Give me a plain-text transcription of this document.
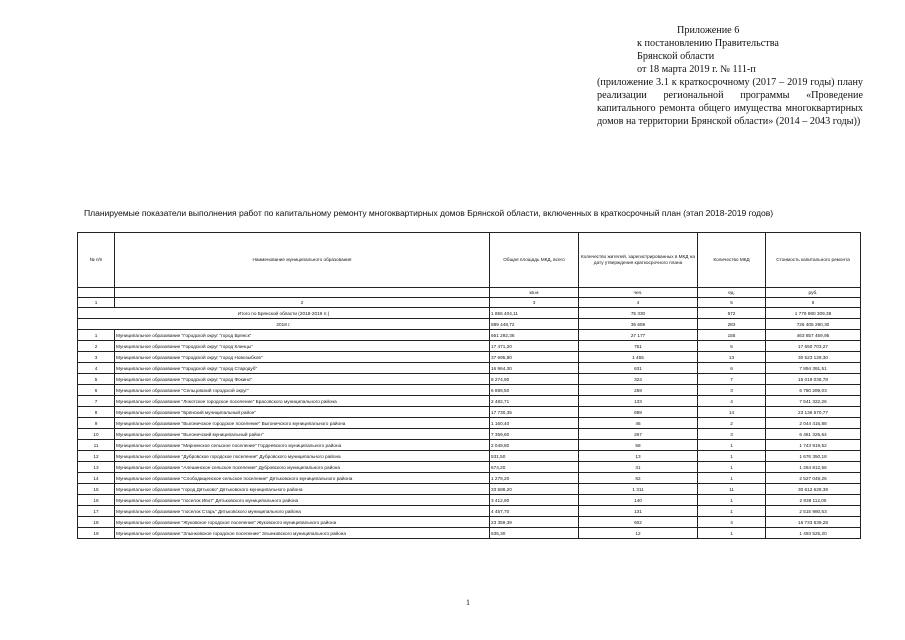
Приложение 6
к постановлению Правительства
Брянской области
от 18 марта 2019 г. № 111-п
(приложение 3.1 к краткосрочному (2017 – 2019 годы) плану реализации региональной программы «Проведение капитального ремонта общего имущества многоквартирных домов на территории Брянской области» (2014 – 2043 годы))
Планируемые показатели выполнения работ по капитальному ремонту многоквартирных домов Брянской области, включенных в краткосрочный план (этап 2018-2019 годов)
№ п/п	Наименование муниципального образования	Общая площадь МКД, всего	Количество жителей, зарегистрированных в МКД на дату утверждения краткосрочного плана	Количество МКД	Стоимость капитального ремонта
		кв.м	чел.	ед.	руб.
1	2	3	4	5	6
Итого по Брянской области (2018-2019 гг.)		1 856 404,11	75 330	572	1 779 980 309,38
2018 г.		889 448,72	35 659	283	726 405 290,30
1	Муниципальное образование "Городской округ "город Брянск"	661 292,36	27 177	155	463 857 469,95
2	Муниципальное образование "Городской округ "город Клинцы"	17 471,20	751	5	17 650 703,27
3	Муниципальное образование "Городской округ "город Новозыбков"	37 695,80	1 465	13	30 523 128,30
4	Муниципальное образование "Городской округ "город Стародуб"	16 964,30	631	6	7 894 391,51
5	Муниципальное образование "Городской округ "город Фокино"	8 274,90	324	7	15 019 036,78
6	Муниципальное образование "Сельцовский городской округ"	6 889,50	259	3	6 780 289,03
7	Муниципальное образование "Локотское городское поселение" Брасовского муниципального района	2 482,71	133	4	7 541 322,26
8	Муниципальное образование "Брянский муниципальный район"	17 730,35	699	14	23 136 570,77
9	Муниципальное образование "Выгоничское городское поселение" Выгоничского муниципального района	1 160,40	46	2	2 044 416,88
10	Муниципальное образование "Выгоничский муниципальный район"	7 359,60	267	3	6 461 325,64
11	Муниципальное образование "Мирнинское сельское поселение" Гордеевского муниципального района	2 049,80	58	1	1 743 919,52
12	Муниципальное образование "Дубровское городское поселение" Дубровского муниципального района	531,50	13	1	1 676 350,18
13	Муниципальное образование "Алешинское сельское поселение" Дубровского муниципального района	674,20	31	1	1 264 812,56
14	Муниципальное образование "Слободищенское сельское поселение" Дятьковского муниципального района	1 279,20	82	1	2 527 049,26
15	Муниципальное образование "город Дятьково" Дятьковского муниципального района	33 588,20	1 311	11	30 612 628,39
16	Муниципальное образование "поселок Ивот" Дятьковского муниципального района	3 412,90	140	1	2 938 112,05
17	Муниципальное образование "поселок Старь" Дятьковского муниципального района	4 457,70	131	1	2 515 980,53
18	Муниципальное образование "Жуковское городское поселение" Жуковского муниципального района	23 359,39	602	4	16 733 539,28
19	Муниципальное образование "Злынковское городское поселение" Злынковского муниципального района	535,30	12	1	1 493 525,20
1
